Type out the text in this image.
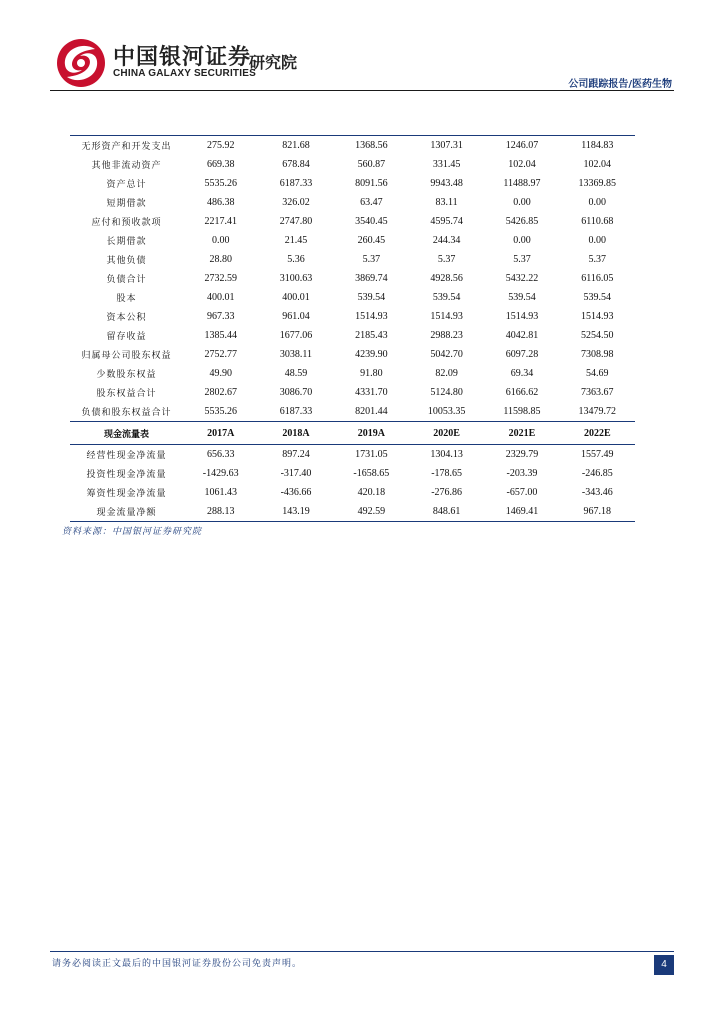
中国银河证券
CHINA GALAXY SECURITIES
研究院
公司跟踪报告/医药生物
无形资产和开发支出	275.92	821.68	1368.56	1307.31	1246.07	1184.83
其他非流动资产	669.38	678.84	560.87	331.45	102.04	102.04
资产总计	5535.26	6187.33	8091.56	9943.48	11488.97	13369.85
短期借款	486.38	326.02	63.47	83.11	0.00	0.00
应付和预收款项	2217.41	2747.80	3540.45	4595.74	5426.85	6110.68
长期借款	0.00	21.45	260.45	244.34	0.00	0.00
其他负债	28.80	5.36	5.37	5.37	5.37	5.37
负债合计	2732.59	3100.63	3869.74	4928.56	5432.22	6116.05
股本	400.01	400.01	539.54	539.54	539.54	539.54
资本公积	967.33	961.04	1514.93	1514.93	1514.93	1514.93
留存收益	1385.44	1677.06	2185.43	2988.23	4042.81	5254.50
归属母公司股东权益	2752.77	3038.11	4239.90	5042.70	6097.28	7308.98
少数股东权益	49.90	48.59	91.80	82.09	69.34	54.69
股东权益合计	2802.67	3086.70	4331.70	5124.80	6166.62	7363.67
负债和股东权益合计	5535.26	6187.33	8201.44	10053.35	11598.85	13479.72
现金流量表	2017A	2018A	2019A	2020E	2021E	2022E
经营性现金净流量	656.33	897.24	1731.05	1304.13	2329.79	1557.49
投资性现金净流量	-1429.63	-317.40	-1658.65	-178.65	-203.39	-246.85
筹资性现金净流量	1061.43	-436.66	420.18	-276.86	-657.00	-343.46
现金流量净额	288.13	143.19	492.59	848.61	1469.41	967.18
资料来源：中国银河证券研究院
请务必阅读正文最后的中国银河证券股份公司免责声明。	4
